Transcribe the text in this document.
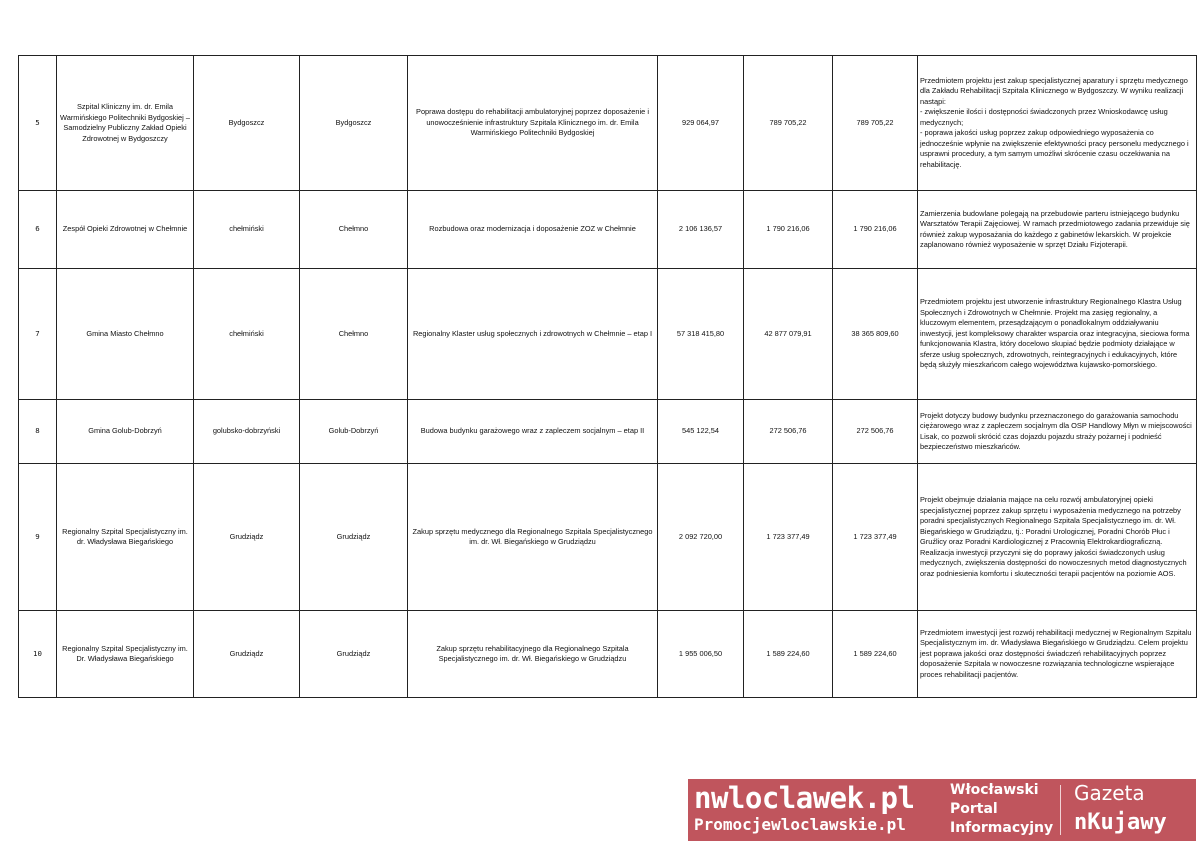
5	Szpital Kliniczny im. dr. Emila Warmińskiego Politechniki Bydgoskiej – Samodzielny Publiczny Zakład Opieki Zdrowotnej w Bydgoszczy	Bydgoszcz	Bydgoszcz	Poprawa dostępu do rehabilitacji ambulatoryjnej poprzez doposażenie i unowocześnienie infrastruktury Szpitala Klinicznego im. dr. Emila Warmińskiego Politechniki Bydgoskiej	929 064,97	789 705,22	789 705,22	Przedmiotem projektu jest zakup specjalistycznej aparatury i sprzętu medycznego dla Zakładu Rehabilitacji Szpitala Klinicznego w Bydgoszczy. W wyniku realizacji nastąpi:
- zwiększenie ilości i dostępności świadczonych przez Wnioskodawcę usług medycznych;
- poprawa jakości usług poprzez zakup odpowiedniego wyposażenia co jednocześnie wpłynie na zwiększenie efektywności pracy personelu medycznego i usprawni procedury, a tym samym umożliwi skrócenie czasu oczekiwania na rehabilitację.
6	Zespół Opieki Zdrowotnej w Chełmnie	chełmiński	Chełmno	Rozbudowa oraz modernizacja i doposażenie ZOZ w Chełmnie	2 106 136,57	1 790 216,06	1 790 216,06	Zamierzenia budowlane polegają na przebudowie parteru istniejącego budynku Warsztatów Terapii Zajęciowej. W ramach przedmiotowego zadania przewiduje się również zakup wyposażania do każdego z gabinetów lekarskich. W projekcie zaplanowano również wyposażenie w sprzęt Działu Fizjoterapii.
7	Gmina Miasto Chełmno	chełmiński	Chełmno	Regionalny Klaster usług społecznych i zdrowotnych w Chełmnie – etap I	57 318 415,80	42 877 079,91	38 365 809,60	Przedmiotem projektu jest utworzenie infrastruktury Regionalnego Klastra Usług Społecznych i Zdrowotnych w Chełmnie. Projekt ma zasięg regionalny, a kluczowym elementem, przesądzającym o ponadlokalnym oddziaływaniu inwestycji, jest kompleksowy charakter wsparcia oraz integracyjna, sieciowa forma funkcjonowania Klastra, który docelowo skupiać będzie podmioty działające w sferze usług społecznych, zdrowotnych, reintegracyjnych i edukacyjnych, które będą służyły mieszkańcom całego województwa kujawsko-pomorskiego.
8	Gmina Golub-Dobrzyń	golubsko-dobrzyński	Golub-Dobrzyń	Budowa budynku garażowego wraz z zapleczem socjalnym – etap II	545 122,54	272 506,76	272 506,76	Projekt dotyczy budowy budynku przeznaczonego do garażowania samochodu ciężarowego wraz z zapleczem socjalnym dla OSP Handlowy Młyn w miejscowości Lisak, co pozwoli skrócić czas dojazdu pojazdu straży pożarnej i podnieść bezpieczeństwo mieszkańców.
9	Regionalny Szpital Specjalistyczny im. dr. Władysława Biegańskiego	Grudziądz	Grudziądz	Zakup sprzętu medycznego dla Regionalnego Szpitala Specjalistycznego im. dr. Wł. Biegańskiego w Grudziądzu	2 092 720,00	1 723 377,49	1 723 377,49	Projekt obejmuje działania mające na celu rozwój ambulatoryjnej opieki specjalistycznej poprzez zakup sprzętu i wyposażenia medycznego na potrzeby poradni specjalistycznych Regionalnego Szpitala Specjalistycznego im. dr. Wł. Biegańskiego w Grudziądzu, tj.: Poradni Urologicznej, Poradni Chorób Płuc i Gruźlicy oraz Poradni Kardiologicznej z Pracownią Elektrokardiograficzną. Realizacja inwestycji przyczyni się do poprawy jakości świadczonych usług medycznych, zwiększenia dostępności do nowoczesnych metod diagnostycznych oraz podniesienia komfortu i skuteczności terapii pacjentów na poziomie AOS.
10	Regionalny Szpital Specjalistyczny im. Dr. Władysława Biegańskiego	Grudziądz	Grudziądz	Zakup sprzętu rehabilitacyjnego dla Regionalnego Szpitala Specjalistycznego im. dr. Wł. Biegańskiego w Grudziądzu	1 955 006,50	1 589 224,60	1 589 224,60	Przedmiotem inwestycji jest rozwój rehabilitacji medycznej w Regionalnym Szpitalu Specjalistycznym im. dr. Władysława Biegańskiego w Grudziądzu. Celem projektu jest poprawa jakości oraz dostępności świadczeń rehabilitacyjnych poprzez doposażenie Szpitala w nowoczesne rozwiązania technologiczne wspierające proces rehabilitacji pacjentów.
nwloclawek.pl
Promocjewloclawskie.pl
Włocławski
Portal
Informacyjny
Gazeta
nKujawy
